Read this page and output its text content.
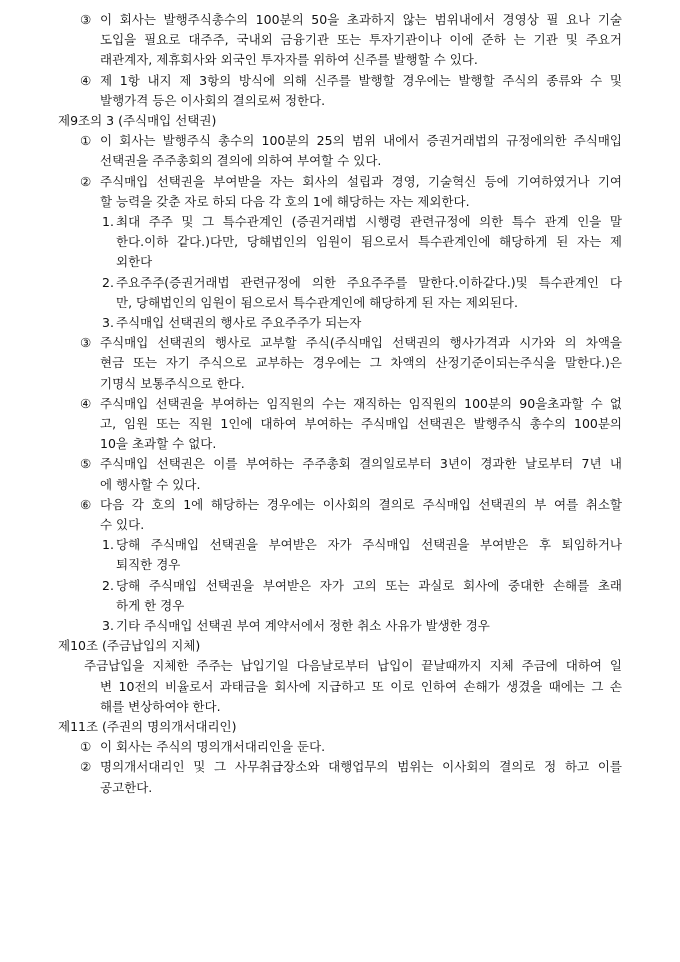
③ 이 회사는 발행주식총수의 100분의 50을 초과하지 않는 범위내에서 경영상 필 요나 기술
도입을 필요로 대주주, 국내외 금융기관 또는 투자기관이나 이에 준하 는 기관 및 주요거
래관계자, 제휴회사와 외국인 투자자를 위하여 신주를 발행할 수 있다.
④ 제 1항 내지 제 3항의 방식에 의해 신주를 발행할 경우에는 발행할 주식의 종류와 수 및
발행가격 등은 이사회의 결의로써 정한다.
제9조의 3 (주식매입 선택권)
① 이 회사는 발행주식 총수의 100분의 25의 범위 내에서 증권거래법의 규정에의한 주식매입
선택권을 주주총회의 결의에 의하여 부여할 수 있다.
② 주식매입 선택권을 부여받을 자는 회사의 설립과 경영, 기술혁신 등에 기여하였거나 기여
할 능력을 갖춘 자로 하되 다음 각 호의 1에 해당하는 자는 제외한다.
1. 최대 주주 및 그 특수관계인 (증권거래법 시행령 관련규정에 의한 특수 관계 인을 말
한다.이하 같다.)다만, 당해법인의 임원이 됨으로서 특수관계인에 해당하게 된 자는 제
외한다
2. 주요주주(증권거래법 관련규정에 의한 주요주주를 말한다.이하같다.)및 특수관계인 다
만, 당해법인의 임원이 됨으로서 특수관계인에 해당하게 된 자는 제외된다.
3. 주식매입 선택권의 행사로 주요주주가 되는자
③ 주식매입 선택권의 행사로 교부할 주식(주식매입 선택권의 행사가격과 시가와 의 차액을
현금 또는 자기 주식으로 교부하는 경우에는 그 차액의 산정기준이되는주식을 말한다.)은
기명식 보통주식으로 한다.
④ 주식매입 선택권을 부여하는 임직원의 수는 재직하는 임직원의 100분의 90을초과할 수 없
고, 임원 또는 직원 1인에 대하여 부여하는 주식매입 선택권은 발행주식 총수의 100분의
10을 초과할 수 없다.
⑤ 주식매입 선택권은 이를 부여하는 주주총회 결의일로부터 3년이 경과한 날로부터 7년 내
에 행사할 수 있다.
⑥ 다음 각 호의 1에 해당하는 경우에는 이사회의 결의로 주식매입 선택권의 부 여를 취소할
수 있다.
1. 당해 주식매입 선택권을 부여받은 자가 주식매입 선택권을 부여받은 후 퇴임하거나
퇴직한 경우
2. 당해 주식매입 선택권을 부여받은 자가 고의 또는 과실로 회사에 중대한 손해를 초래
하게 한 경우
3. 기타 주식매입 선택권 부여 계약서에서 정한 취소 사유가 발생한 경우
제10조 (주금납입의 지체)
주금납입을 지체한 주주는 납입기일 다음날로부터 납입이 끝날때까지 지체 주금에 대하여 일
변 10전의 비율로서 과태금을 회사에 지급하고 또 이로 인하여 손해가 생겼을 때에는 그 손
해를 변상하여야 한다.
제11조 (주권의 명의개서대리인)
① 이 회사는 주식의 명의개서대리인을 둔다.
② 명의개서대리인 및 그 사무취급장소와 대행업무의 범위는 이사회의 결의로 정 하고 이를
공고한다.
